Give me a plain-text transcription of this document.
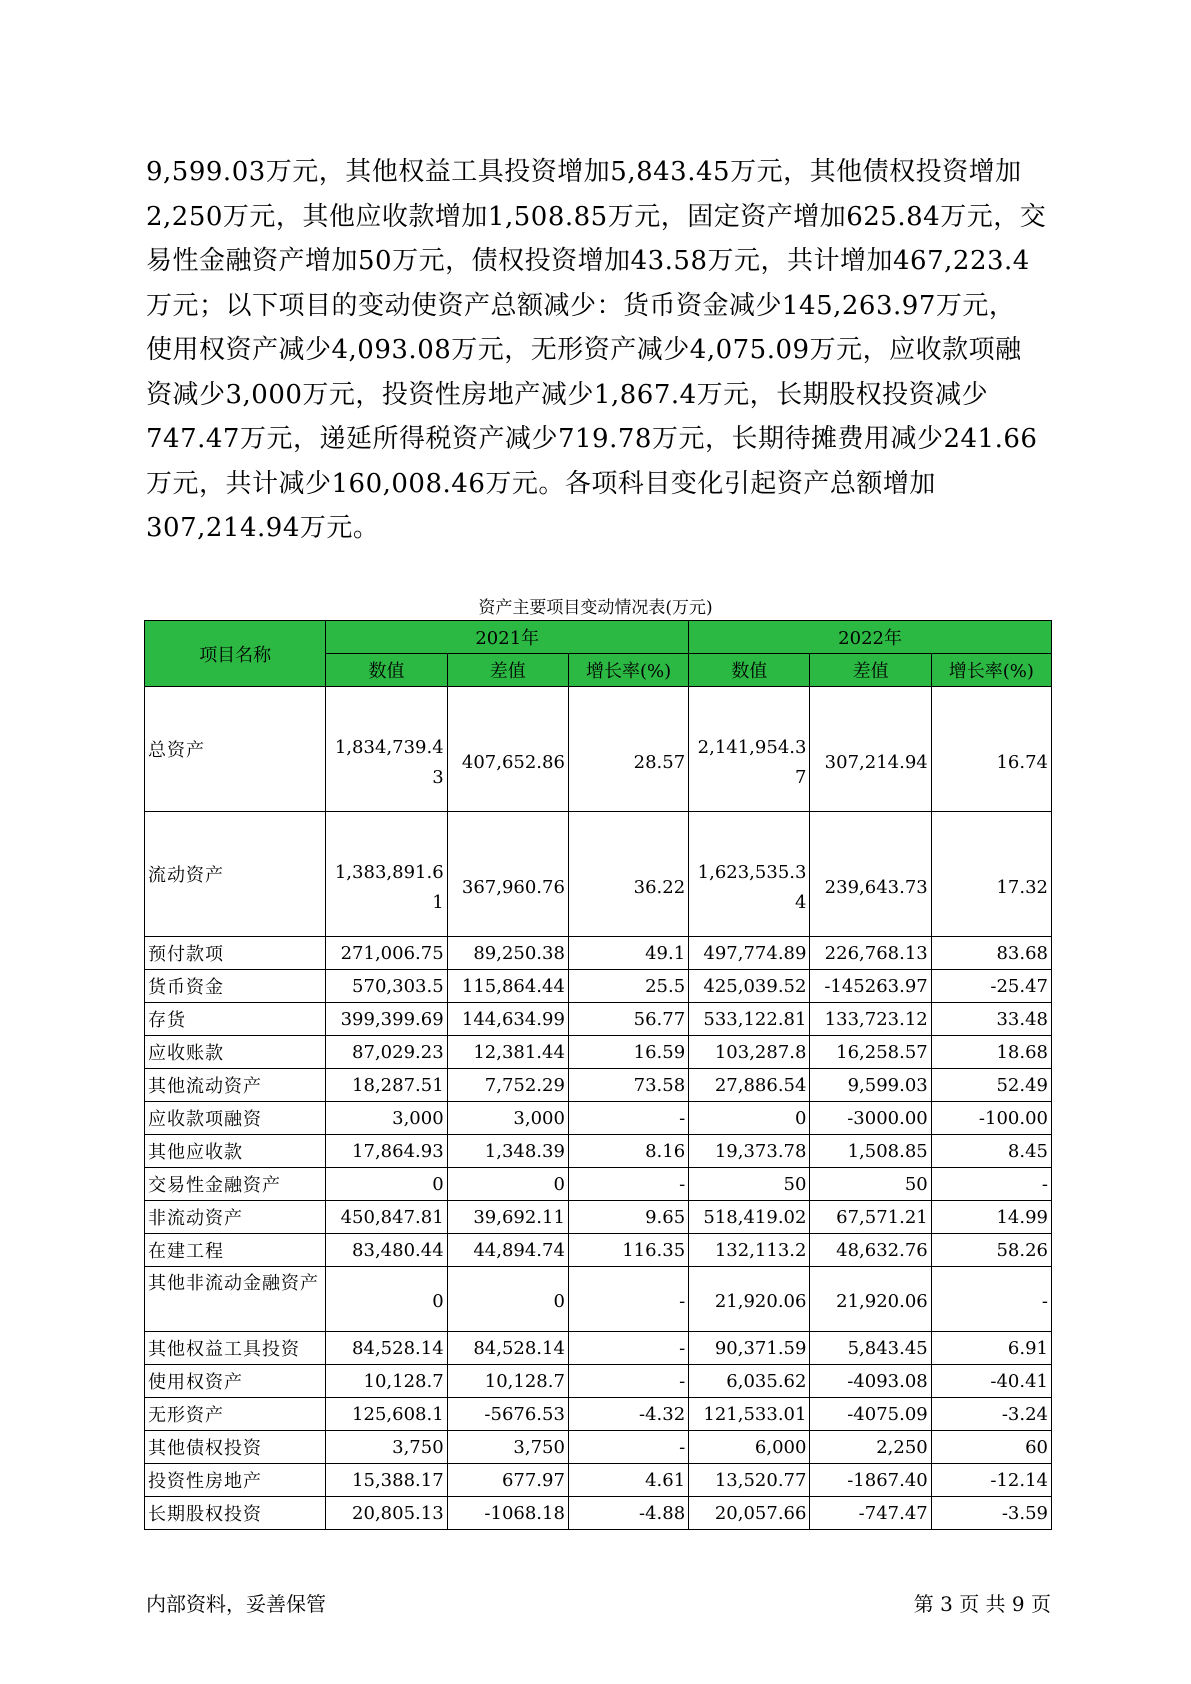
9,599.03万元，其他权益工具投资增加5,843.45万元，其他债权投资增加
2,250万元，其他应收款增加1,508.85万元，固定资产增加625.84万元，交
易性金融资产增加50万元，债权投资增加43.58万元，共计增加467,223.4
万元；以下项目的变动使资产总额减少：货币资金减少145,263.97万元，
使用权资产减少4,093.08万元，无形资产减少4,075.09万元，应收款项融
资减少3,000万元，投资性房地产减少1,867.4万元，长期股权投资减少
747.47万元，递延所得税资产减少719.78万元，长期待摊费用减少241.66
万元，共计减少160,008.46万元。各项科目变化引起资产总额增加
307,214.94万元。
资产主要项目变动情况表(万元)
项目名称	2021年			2022年		
	数值	差值	增长率(%)	数值	差值	增长率(%)
总资产	1,834,739.43	407,652.86	28.57	2,141,954.37	307,214.94	16.74
流动资产	1,383,891.61	367,960.76	36.22	1,623,535.34	239,643.73	17.32
预付款项	271,006.75	89,250.38	49.1	497,774.89	226,768.13	83.68
货币资金	570,303.5	115,864.44	25.5	425,039.52	-145263.97	-25.47
存货	399,399.69	144,634.99	56.77	533,122.81	133,723.12	33.48
应收账款	87,029.23	12,381.44	16.59	103,287.8	16,258.57	18.68
其他流动资产	18,287.51	7,752.29	73.58	27,886.54	9,599.03	52.49
应收款项融资	3,000	3,000	-	0	-3000.00	-100.00
其他应收款	17,864.93	1,348.39	8.16	19,373.78	1,508.85	8.45
交易性金融资产	0	0	-	50	50	-
非流动资产	450,847.81	39,692.11	9.65	518,419.02	67,571.21	14.99
在建工程	83,480.44	44,894.74	116.35	132,113.2	48,632.76	58.26
其他非流动金融资产	0	0	-	21,920.06	21,920.06	-
其他权益工具投资	84,528.14	84,528.14	-	90,371.59	5,843.45	6.91
使用权资产	10,128.7	10,128.7	-	6,035.62	-4093.08	-40.41
无形资产	125,608.1	-5676.53	-4.32	121,533.01	-4075.09	-3.24
其他债权投资	3,750	3,750	-	6,000	2,250	60
投资性房地产	15,388.17	677.97	4.61	13,520.77	-1867.40	-12.14
长期股权投资	20,805.13	-1068.18	-4.88	20,057.66	-747.47	-3.59
内部资料，妥善保管	第 3 页 共 9 页
